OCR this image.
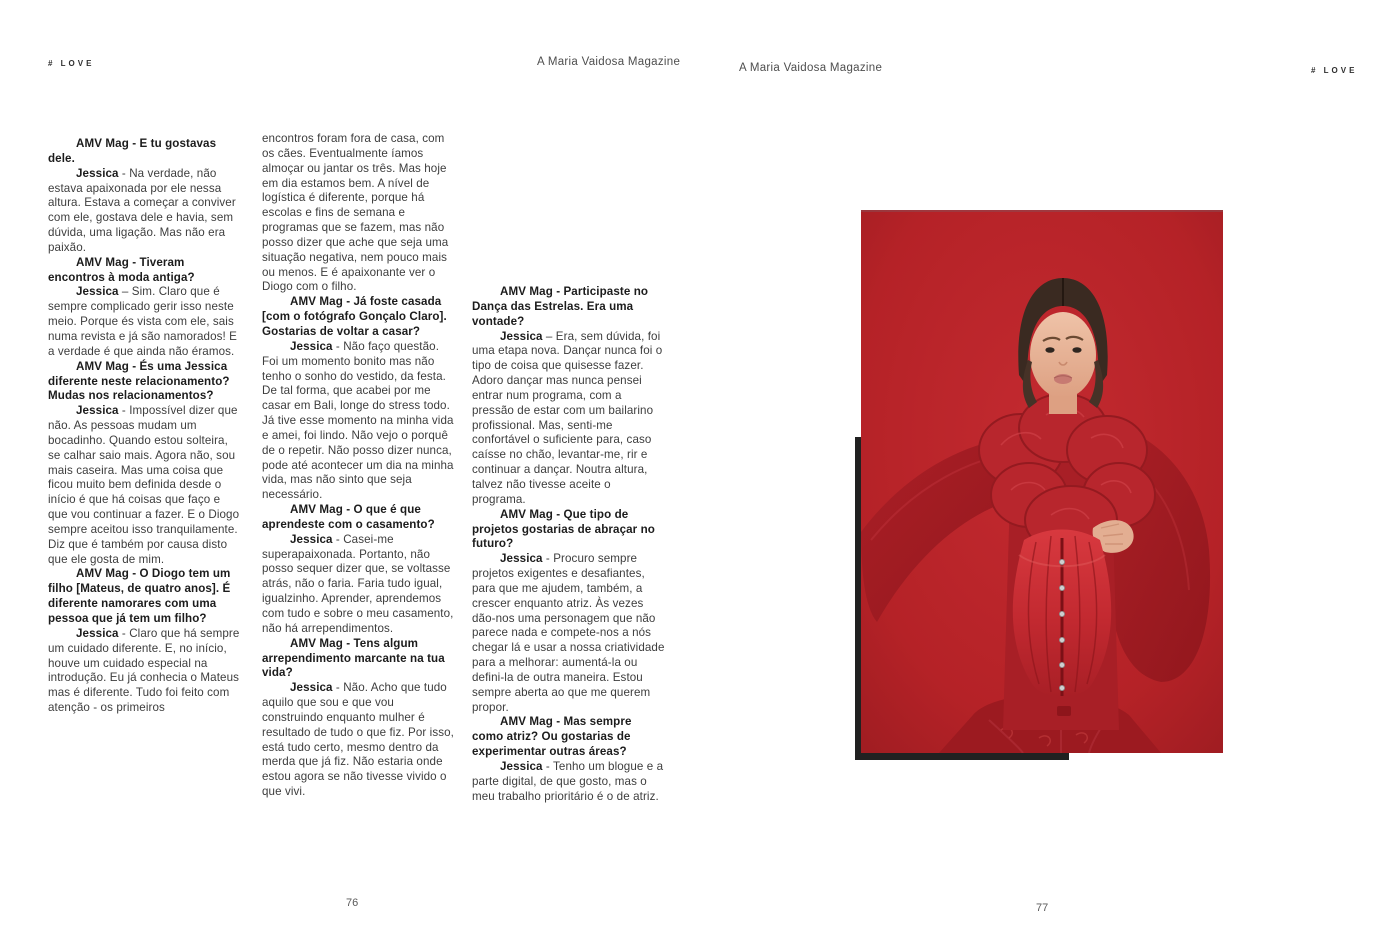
# LOVE	A Maria Vaidosa Magazine	A Maria Vaidosa Magazine	# LOVE

AMV Mag - E tu gostavas dele.

Jessica - Na verdade, não estava apaixonada por ele nessa altura. Estava a começar a conviver com ele, gostava dele e havia, sem dúvida, uma ligação. Mas não era paixão.

AMV Mag - Tiveram encontros à moda antiga?

Jessica – Sim. Claro que é sempre complicado gerir isso neste meio. Porque és vista com ele, sais numa revista e já são namorados! E a verdade é que ainda não éramos.

AMV Mag - És uma Jessica diferente neste relacionamento? Mudas nos relacionamentos?

Jessica - Impossível dizer que não. As pessoas mudam um bocadinho. Quando estou solteira, se calhar saio mais. Agora não, sou mais caseira. Mas uma coisa que ficou muito bem definida desde o início é que há coisas que faço e que vou continuar a fazer. E o Diogo sempre aceitou isso tranquilamente. Diz que é também por causa disto que ele gosta de mim.

AMV Mag - O Diogo tem um filho [Mateus, de quatro anos]. É diferente namorares com uma pessoa que já tem um filho?

Jessica - Claro que há sempre um cuidado diferente. E, no início, houve um cuidado especial na introdução. Eu já conhecia o Mateus mas é diferente. Tudo foi feito com atenção - os primeiros

encontros foram fora de casa, com os cães. Eventualmente íamos almoçar ou jantar os três. Mas hoje em dia estamos bem. A nível de logística é diferente, porque há escolas e fins de semana e programas que se fazem, mas não posso dizer que ache que seja uma situação negativa, nem pouco mais ou menos. E é apaixonante ver o Diogo com o filho.

AMV Mag - Já foste casada [com o fotógrafo Gonçalo Claro]. Gostarias de voltar a casar?

Jessica - Não faço questão. Foi um momento bonito mas não tenho o sonho do vestido, da festa. De tal forma, que acabei por me casar em Bali, longe do stress todo. Já tive esse momento na minha vida e amei, foi lindo. Não vejo o porquê de o repetir. Não posso dizer nunca, pode até acontecer um dia na minha vida, mas não sinto que seja necessário.

AMV Mag - O que é que aprendeste com o casamento?

Jessica - Casei-me superapaixonada. Portanto, não posso sequer dizer que, se voltasse atrás, não o faria. Faria tudo igual, igualzinho. Aprender, aprendemos com tudo e sobre o meu casamento, não há arrependimentos.

AMV Mag - Tens algum arrependimento marcante na tua vida?

Jessica - Não. Acho que tudo aquilo que sou e que vou construindo enquanto mulher é resultado de tudo o que fiz. Por isso, está tudo certo, mesmo dentro da merda que já fiz. Não estaria onde estou agora se não tivesse vivido o que vivi.

AMV Mag - Participaste no Dança das Estrelas. Era uma vontade?

Jessica – Era, sem dúvida, foi uma etapa nova. Dançar nunca foi o tipo de coisa que quisesse fazer. Adoro dançar mas nunca pensei entrar num programa, com a pressão de estar com um bailarino profissional. Mas, senti-me confortável o suficiente para, caso caísse no chão, levantar-me, rir e continuar a dançar. Noutra altura, talvez não tivesse aceite o programa.

AMV Mag - Que tipo de projetos gostarias de abraçar no futuro?

Jessica - Procuro sempre projetos exigentes e desafiantes, para que me ajudem, também, a crescer enquanto atriz. Às vezes dão-nos uma personagem que não parece nada e compete-nos a nós chegar lá e usar a nossa criatividade para a melhorar: aumentá-la ou defini-la de outra maneira. Estou sempre aberta ao que me querem propor.

AMV Mag - Mas sempre como atriz? Ou gostarias de experimentar outras áreas?

Jessica - Tenho um blogue e a parte digital, de que gosto, mas o meu trabalho prioritário é o de atriz.

76	77
